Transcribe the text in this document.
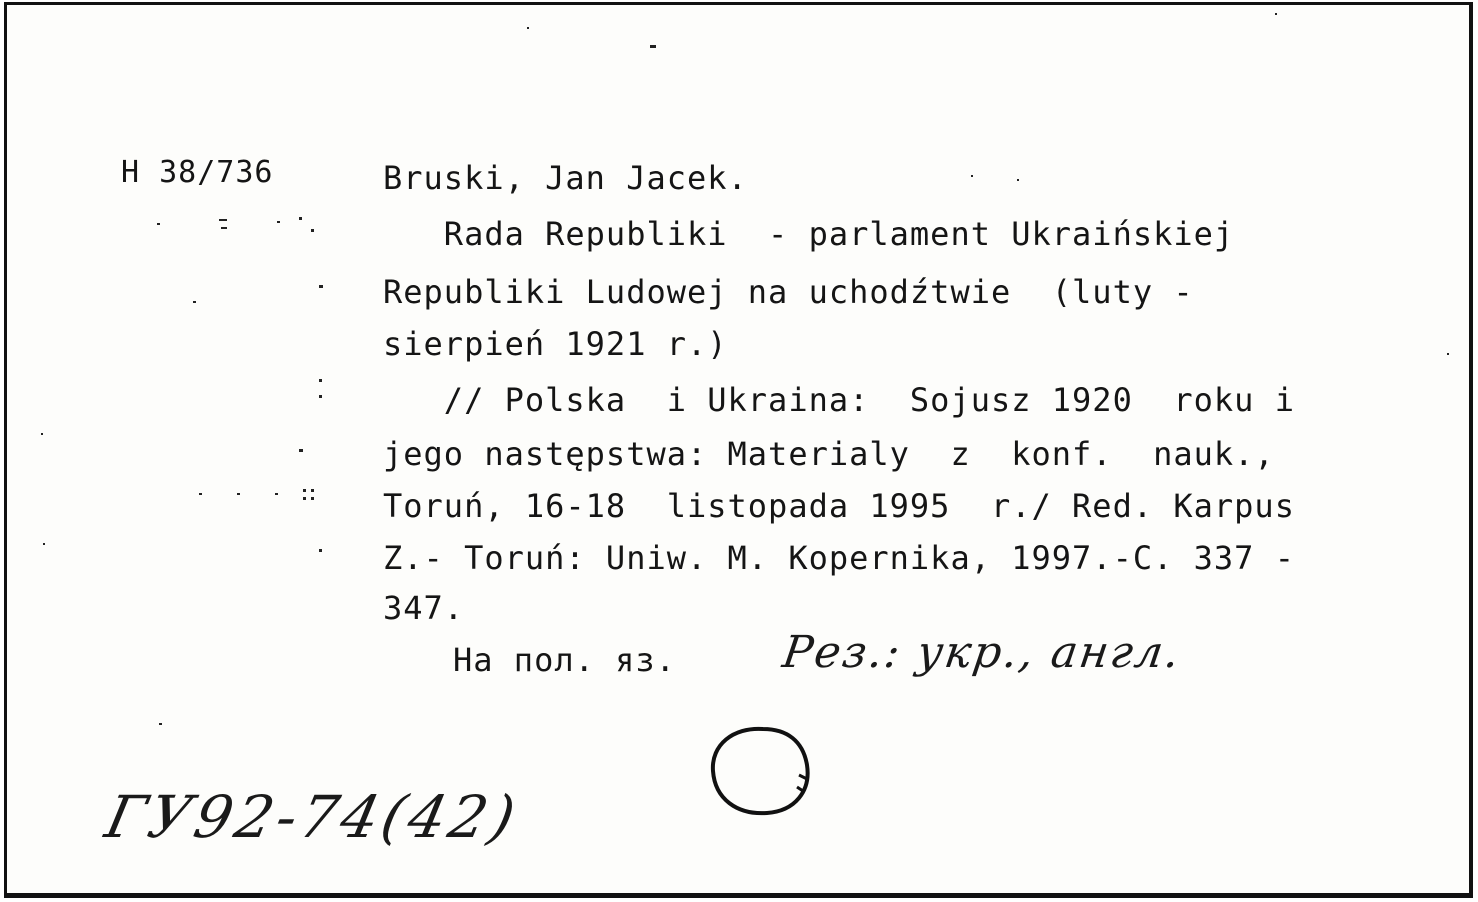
H 38/736	Bruski, Jan Jacek.
Rada Republiki  - parlament Ukraińskiej
Republiki Ludowej na uchodźtwie  (luty -
sierpień 1921 r.)
// Polska  i Ukraina:  Sojusz 1920  roku i
jego następstwa: Materialy  z  konf.  nauk.,
Toruń, 16-18  listopada 1995  r./ Red. Karpus
Z.- Toruń: Uniw. M. Kopernika, 1997.-C. 337 -
347.
На пол. яз. Рез.: укр., англ.
ГУ92-74(42)
